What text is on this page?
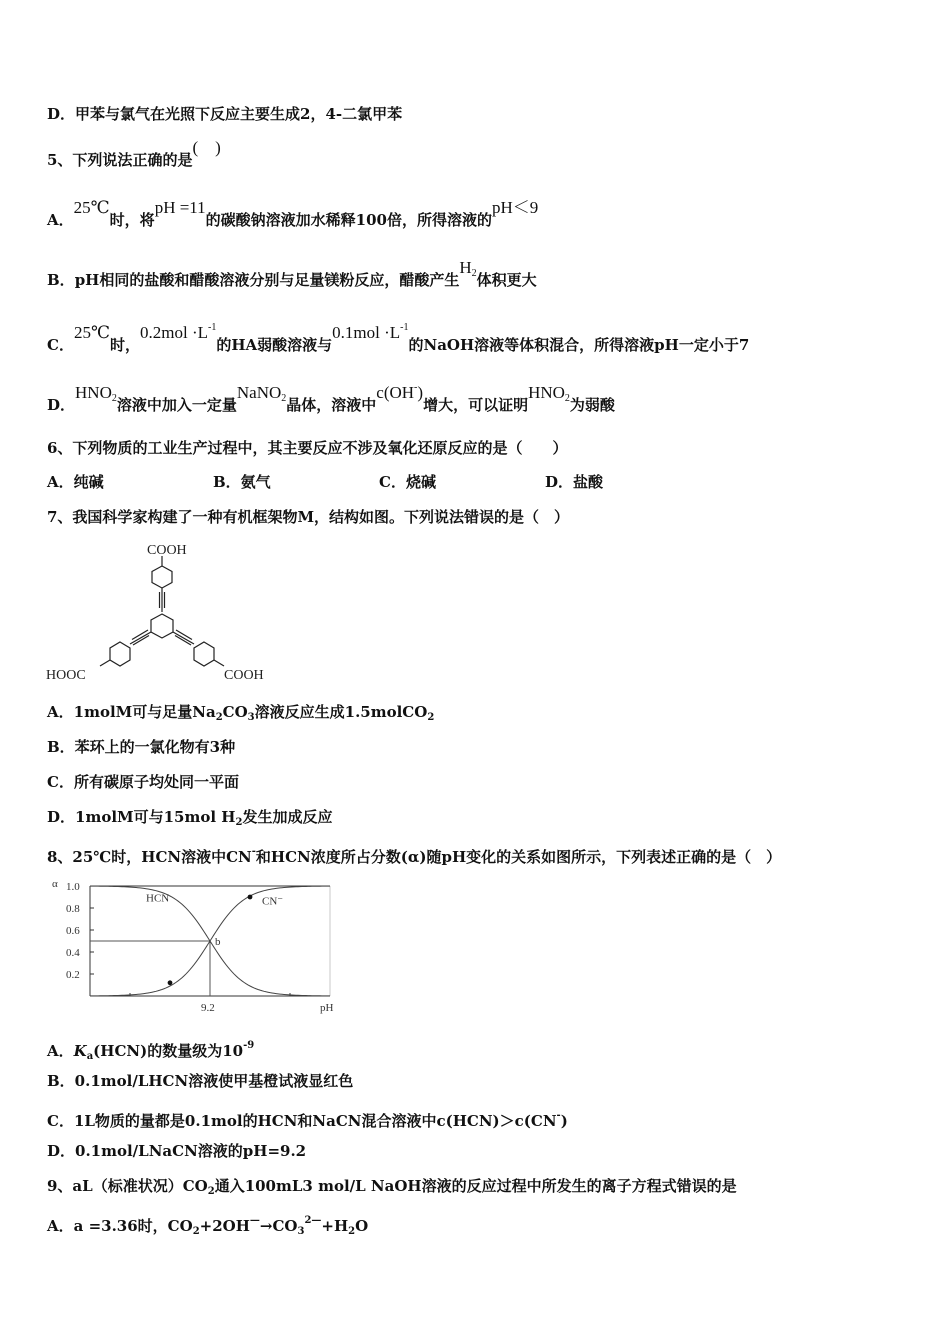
D．甲苯与氯气在光照下反应主要生成2，4-二氯甲苯
5、下列说法正确的是(　)
A．25℃时，将pH =11的碳酸钠溶液加水稀释100倍，所得溶液的pH＜9
B．pH相同的盐酸和醋酸溶液分别与足量镁粉反应，醋酸产生$H_2$体积更大
C．25℃时，$0.2mol \cdot L^{-1}$的HA弱酸溶液与$0.1mol \cdot L^{-1}$的NaOH溶液等体积混合，所得溶液pH一定小于7
D．$HNO_2$溶液中加入一定量NaNO$_2$晶体，溶液中c(OH-)增大，可以证明$HNO_2$为弱酸
6、下列物质的工业生产过程中，其主要反应不涉及氧化还原反应的是（　　）
A．纯碱	B．氨气	C．烧碱	D．盐酸
7、我国科学家构建了一种有机框架物M，结构如图。下列说法错误的是（　）
COOH
HOOC	COOH
A．1molM可与足量$Na_2CO_3$溶液反应生成1.5molCO$_2$
B．苯环上的一氯化物有3种
C．所有碳原子均处同一平面
D．1molM可与15mol $H_2$发生加成反应
8、25℃时，HCN溶液中CN-和HCN浓度所占分数(α)随pH变化的关系如图所示，下列表述正确的是（　）
0.2
0.4
0.6
0.8
1.0
9.2
HCN	CN⁻
b
α
pH
A．$K_a(HCN)$的数量级为$10^{-9}$
B．0.1mol/LHCN溶液使甲基橙试液显红色
C．1L物质的量都是0.1mol的HCN和NaCN混合溶液中c(HCN)＞c(CN-)
D．0.1mol/LNaCN溶液的pH=9.2
9、aL（标准状况）$CO_2$通入100mL3 mol/L NaOH溶液的反应过程中所发生的离子方程式错误的是
A．a =3.36时，$CO_2+2OH^—\to CO_3^{2—}+H_2O$
